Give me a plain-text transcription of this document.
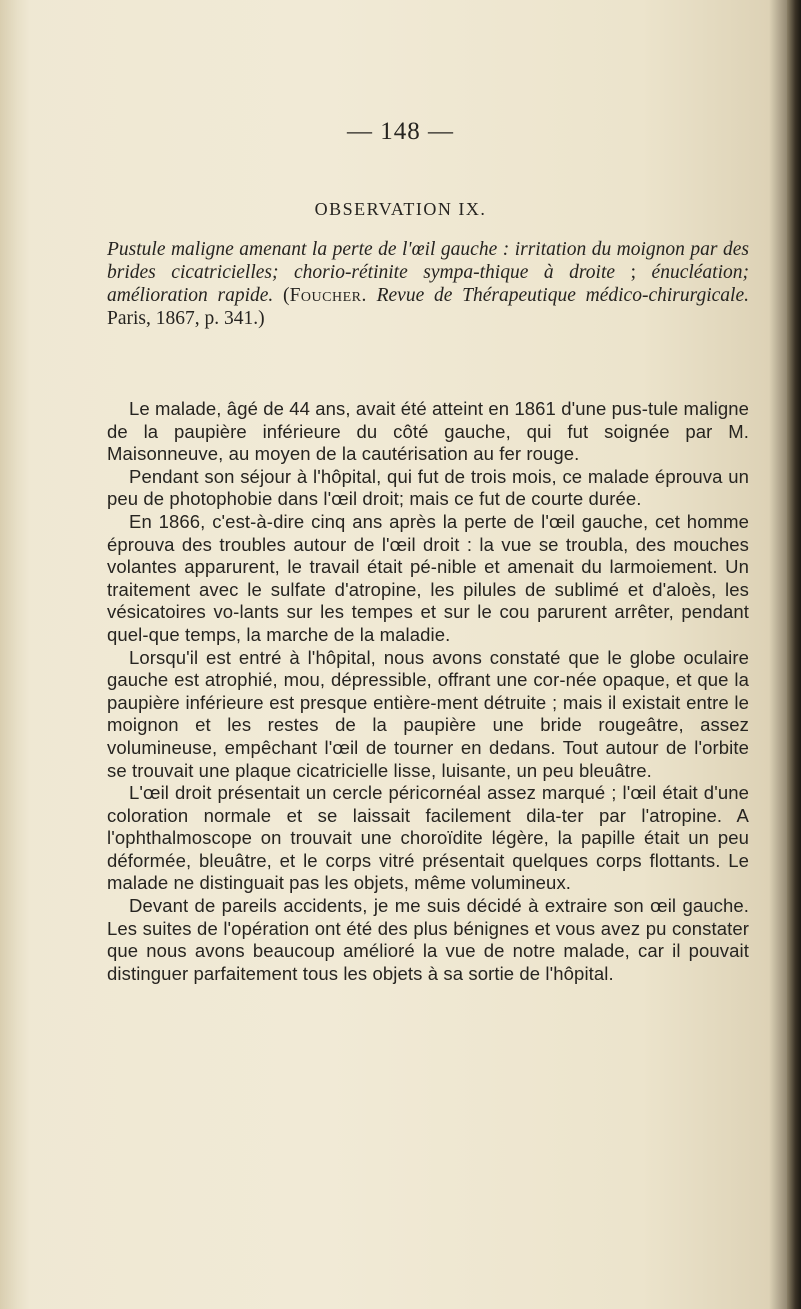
— 148 —
OBSERVATION IX.
Pustule maligne amenant la perte de l'œil gauche : irritation du moignon par des brides cicatricielles; chorio-rétinite sympa-thique à droite ; énucléation; amélioration rapide. (Foucher. Revue de Thérapeutique médico-chirurgicale. Paris, 1867, p. 341.)

Le malade, âgé de 44 ans, avait été atteint en 1861 d'une pus-tule maligne de la paupière inférieure du côté gauche, qui fut soignée par M. Maisonneuve, au moyen de la cautérisation au fer rouge.

Pendant son séjour à l'hôpital, qui fut de trois mois, ce malade éprouva un peu de photophobie dans l'œil droit; mais ce fut de courte durée.

En 1866, c'est-à-dire cinq ans après la perte de l'œil gauche, cet homme éprouva des troubles autour de l'œil droit : la vue se troubla, des mouches volantes apparurent, le travail était pé-nible et amenait du larmoiement. Un traitement avec le sulfate d'atropine, les pilules de sublimé et d'aloès, les vésicatoires vo-lants sur les tempes et sur le cou parurent arrêter, pendant quel-que temps, la marche de la maladie.

Lorsqu'il est entré à l'hôpital, nous avons constaté que le globe oculaire gauche est atrophié, mou, dépressible, offrant une cor-née opaque, et que la paupière inférieure est presque entière-ment détruite ; mais il existait entre le moignon et les restes de la paupière une bride rougeâtre, assez volumineuse, empêchant l'œil de tourner en dedans. Tout autour de l'orbite se trouvait une plaque cicatricielle lisse, luisante, un peu bleuâtre.

L'œil droit présentait un cercle péricornéal assez marqué ; l'œil était d'une coloration normale et se laissait facilement dila-ter par l'atropine. A l'ophthalmoscope on trouvait une choroïdite légère, la papille était un peu déformée, bleuâtre, et le corps vitré présentait quelques corps flottants. Le malade ne distinguait pas les objets, même volumineux.

Devant de pareils accidents, je me suis décidé à extraire son œil gauche. Les suites de l'opération ont été des plus bénignes et vous avez pu constater que nous avons beaucoup amélioré la vue de notre malade, car il pouvait distinguer parfaitement tous les objets à sa sortie de l'hôpital.
